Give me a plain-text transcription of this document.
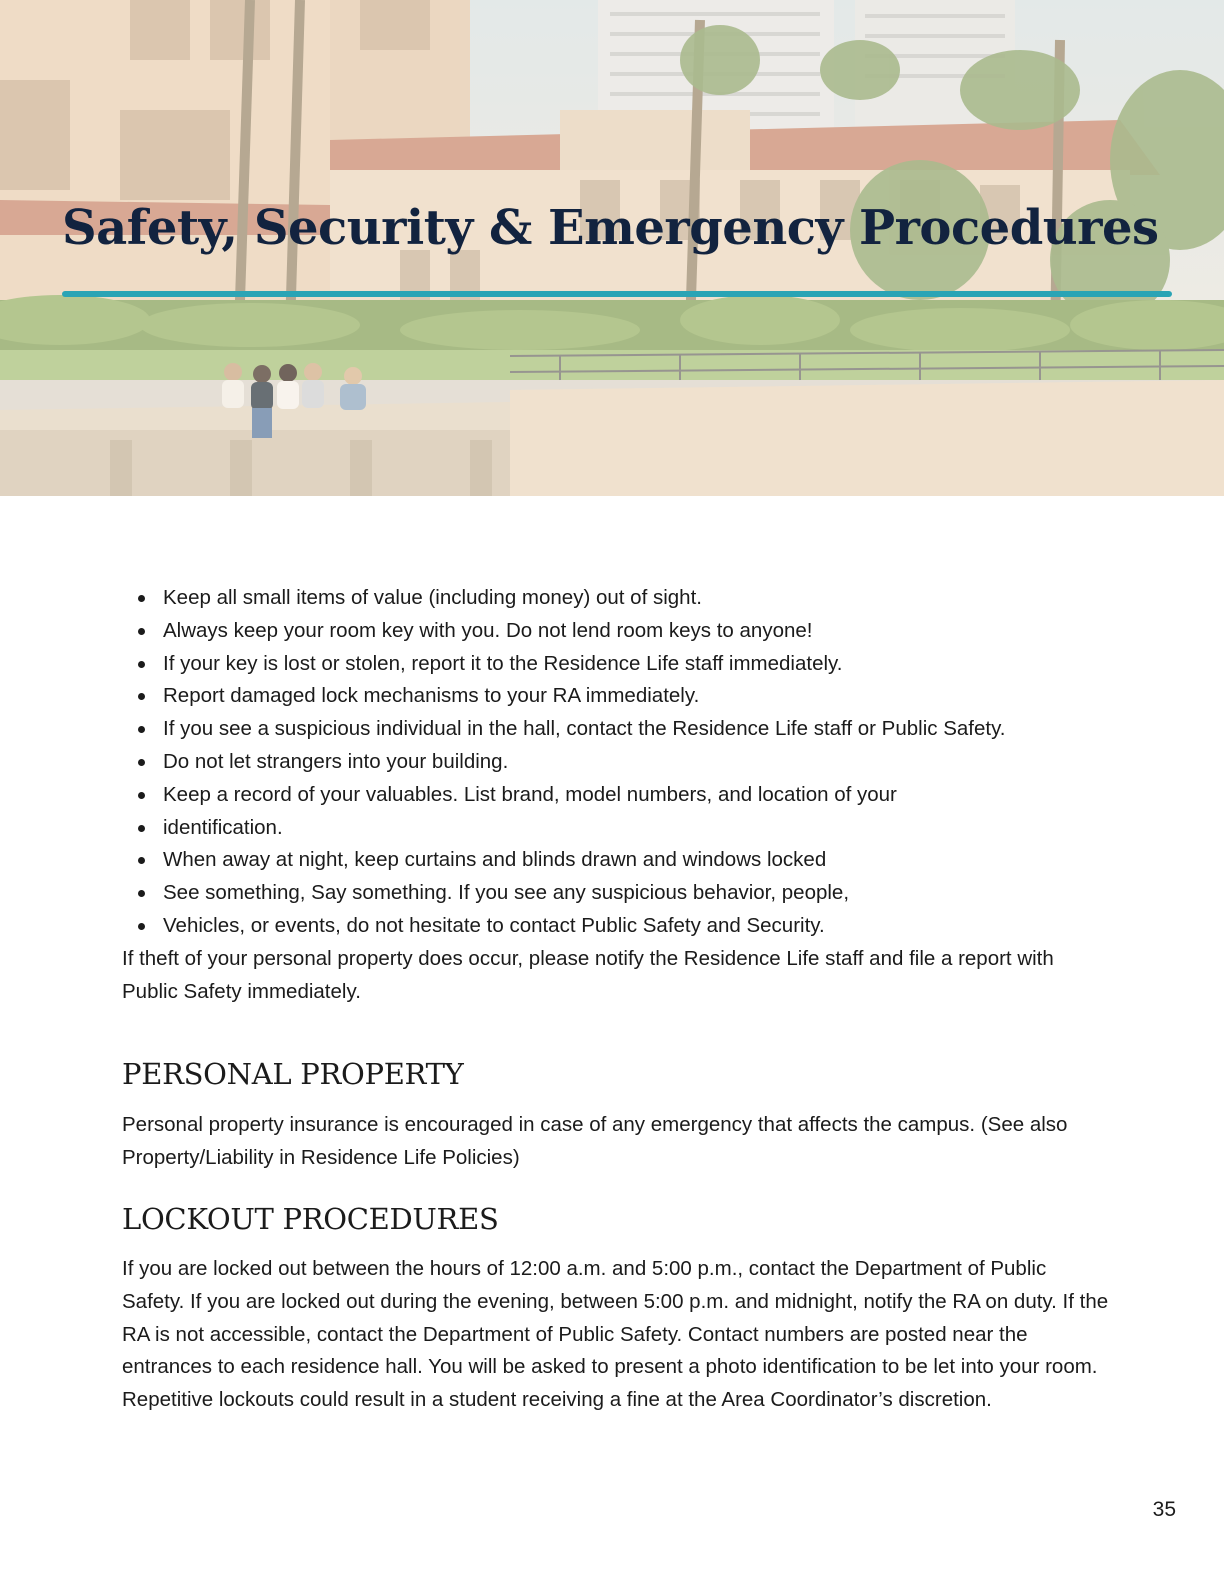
Safety, Security & Emergency Procedures
Keep all small items of value (including money) out of sight.
Always keep your room key with you. Do not lend room keys to anyone!
If your key is lost or stolen, report it to the Residence Life staff immediately.
Report damaged lock mechanisms to your RA immediately.
If you see a suspicious individual in the hall, contact the Residence Life staff or Public Safety.
Do not let strangers into your building.
Keep a record of your valuables. List brand, model numbers, and location of your
identification.
When away at night, keep curtains and blinds drawn and windows locked
See something, Say something. If you see any suspicious behavior, people,
Vehicles, or events, do not hesitate to contact Public Safety and Security.

If theft of your personal property does occur, please notify the Residence Life staff and file a report with Public Safety immediately.

PERSONAL PROPERTY

Personal property insurance is encouraged in case of any emergency that affects the campus. (See also Property/Liability in Residence Life Policies)

LOCKOUT PROCEDURES

If you are locked out between the hours of 12:00 a.m. and 5:00 p.m., contact the Department of Public Safety. If you are locked out during the evening, between 5:00 p.m. and midnight, notify the RA on duty. If the RA is not accessible, contact the Department of Public Safety. Contact numbers are posted near the entrances to each residence hall. You will be asked to present a photo identification to be let into your room. Repetitive lockouts could result in a student receiving a fine at the Area Coordinator’s discretion.

35
